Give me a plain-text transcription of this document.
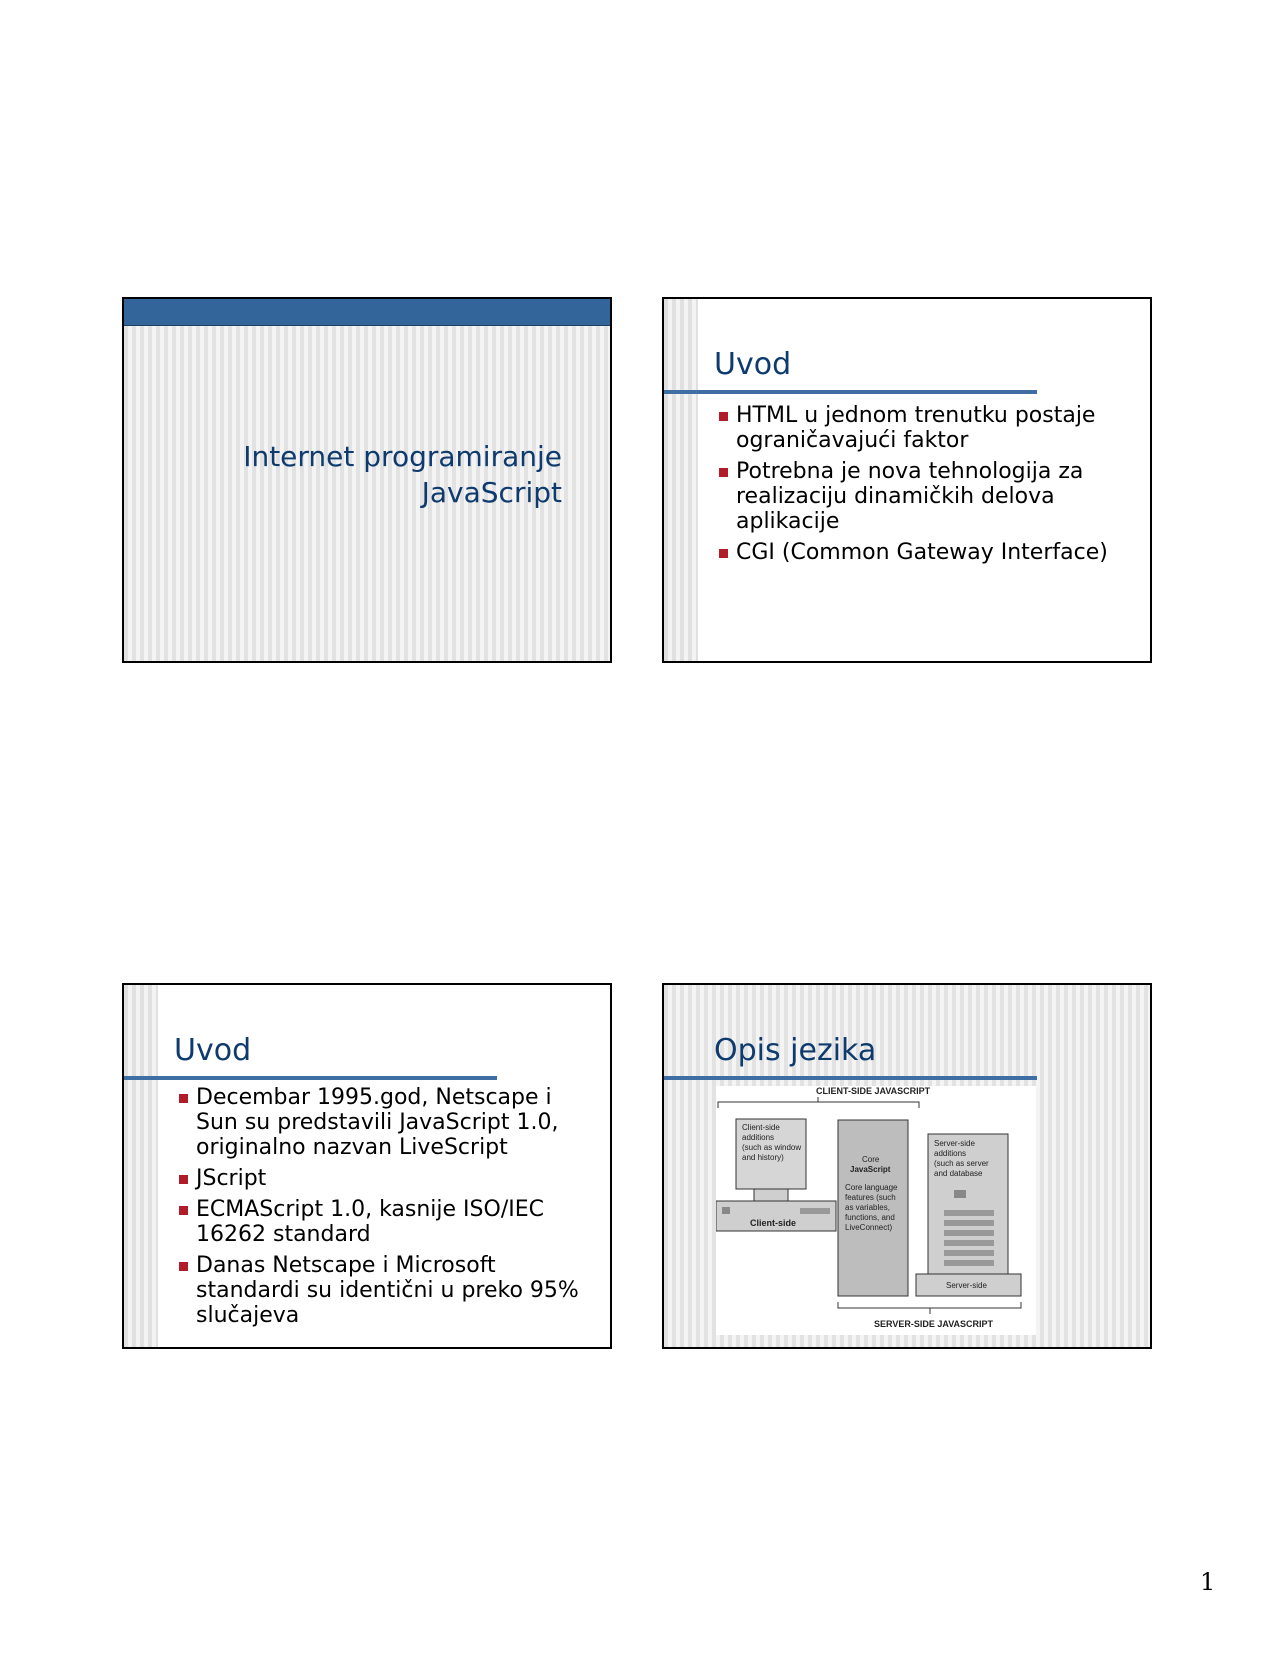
Internet programiranje
JavaScript
Uvod
HTML u jednom trenutku postaje ograničavajući faktor
Potrebna je nova tehnologija za realizaciju dinamičkih delova aplikacije
CGI (Common Gateway Interface)
Uvod
Decembar 1995.god, Netscape i Sun su predstavili JavaScript 1.0, originalno nazvan LiveScript
JScript
ECMAScript 1.0, kasnije ISO/IEC 16262 standard
Danas Netscape i Microsoft standardi su identični u preko 95% slučajeva
Opis jezika
CLIENT-SIDE JAVASCRIPT
Client-side additions (such as window and history)
Client-side
Core JavaScript
Core language features (such as variables, functions, and LiveConnect)
Server-side additions (such as server and database
Server-side
SERVER-SIDE JAVASCRIPT
1
